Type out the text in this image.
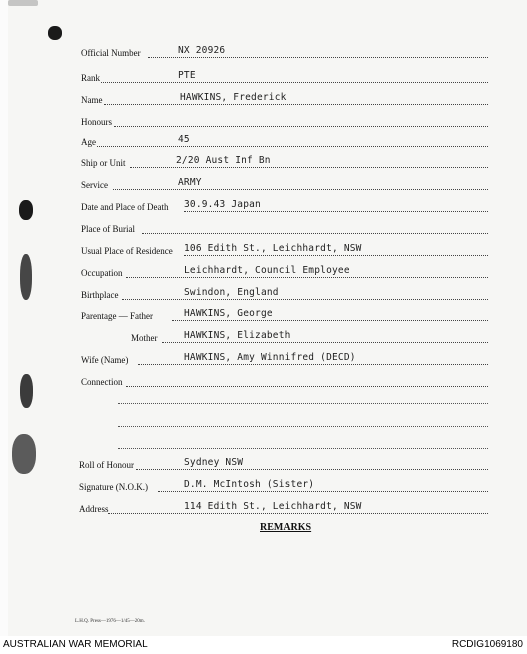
Official Number	NX 20926
Rank	PTE
Name	HAWKINS, Frederick
Honours
Age	45
Ship or Unit	2/20 Aust Inf Bn
Service	ARMY
Date and Place of Death 30.9.43 Japan
Place of Burial
Usual Place of Residence 106 Edith St., Leichhardt, NSW
Occupation	Leichhardt, Council Employee
Birthplace	Swindon, England
Parentage — Father	HAWKINS, George
Mother	HAWKINS, Elizabeth
Wife (Name)	HAWKINS, Amy Winnifred (DECD)
Connection
Roll of Honour	Sydney NSW
Signature (N.O.K.)	D.M. McIntosh (Sister)
Address	114 Edith St., Leichhardt, NSW
REMARKS
L.H.Q. Press—1976—1/45—20m.
AUSTRALIAN WAR MEMORIAL	RCDIG1069180
